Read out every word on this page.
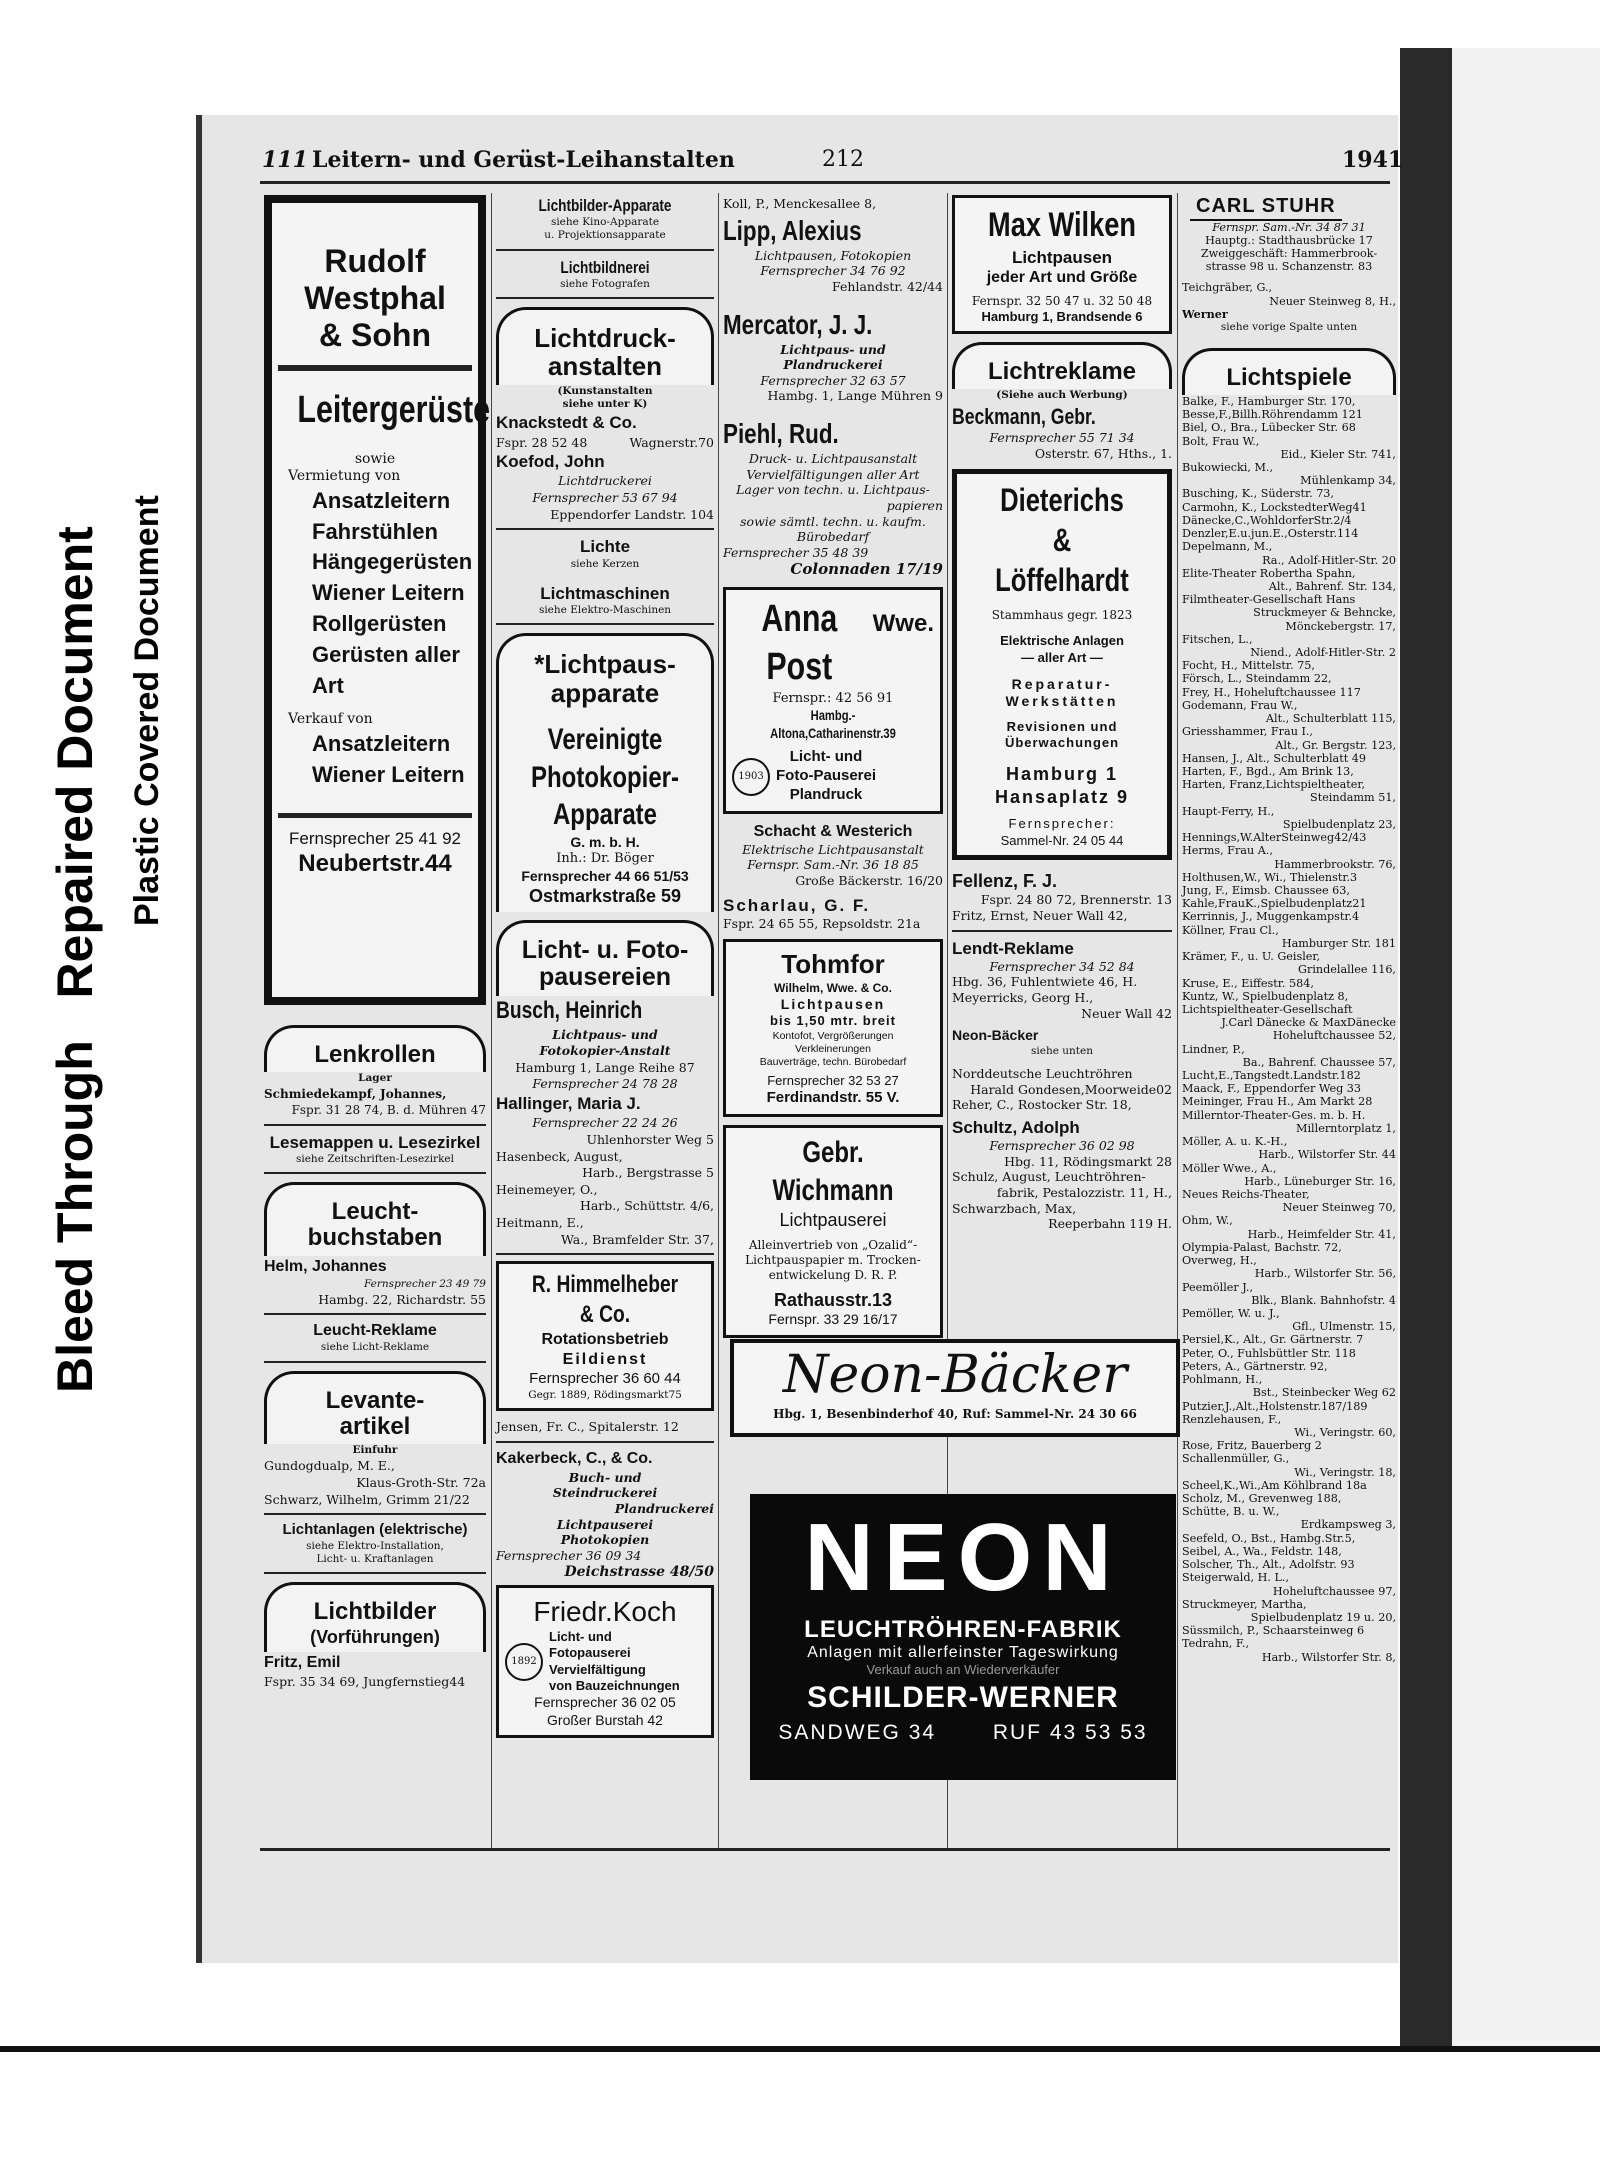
Bleed Through   Repaired Document Plastic Covered Document
111 Leitern- und Gerüst-Leihanstalten	212	1941
Rudolf
Westphal
& Sohn
Leitergerüste
sowie
Vermietung von
Ansatzleitern
Fahrstühlen
Hängegerüsten
Wiener Leitern
Rollgerüsten
Gerüsten aller Art
Verkauf von
Ansatzleitern
Wiener Leitern
Fernsprecher 25 41 92
Neubertstr.44
Lenkrollen
Lager
Schmiedekampf, Johannes,
Fspr. 31 28 74, B. d. Mühren 47
Lesemappen u. Lesezirkel
siehe Zeitschriften-Lesezirkel
Leucht-
buchstaben
Helm, Johannes
Fernsprecher 23 49 79
Hambg. 22, Richardstr. 55
Leucht-Reklame
siehe Licht-Reklame
Levante-
artikel
Einfuhr
Gundogdualp, M. E.,
Klaus-Groth-Str. 72a
Schwarz, Wilhelm, Grimm 21/22
Lichtanlagen (elektrische)
siehe Elektro-Installation,
Licht- u. Kraftanlagen
Lichtbilder
(Vorführungen)
Fritz, Emil
Fspr. 35 34 69, Jungfernstieg44
Lichtbilder-Apparate
siehe Kino-Apparate
u. Projektionsapparate
Lichtbildnerei
siehe Fotografen
Lichtdruck-
anstalten
(Kunstanstalten
siehe unter K)
Knackstedt & Co.
Fspr. 28 52 48	Wagnerstr.70
Koefod, John
Lichtdruckerei
Fernsprecher 53 67 94
Eppendorfer Landstr. 104
Lichte
siehe Kerzen
Lichtmaschinen
siehe Elektro-Maschinen
*Lichtpaus-
apparate
Vereinigte
Photokopier-Apparate
G. m. b. H.
Inh.: Dr. Böger
Fernsprecher 44 66 51/53
Ostmarkstraße 59
Licht- u. Foto-
pausereien
Busch, Heinrich
Lichtpaus- und
Fotokopier-Anstalt
Hamburg 1, Lange Reihe 87
Fernsprecher 24 78 28
Hallinger, Maria J.
Fernsprecher 22 24 26
Uhlenhorster Weg 5
Hasenbeck, August,
Harb., Bergstrasse 5
Heinemeyer, O.,
Harb., Schüttstr. 4/6,
Heitmann, E.,
Wa., Bramfelder Str. 37,
R. Himmelheber & Co.
Rotationsbetrieb
Eildienst
Fernsprecher 36 60 44
Gegr. 1889, Rödingsmarkt75
Jensen, Fr. C., Spitalerstr. 12
Kakerbeck, C., & Co.
Buch- und
Steindruckerei
Plandruckerei
Lichtpauserei
Photokopien
Fernsprecher 36 09 34
Deichstrasse 48/50
Friedr.Koch
1892
Licht- und
Fotopauserei
Vervielfältigung
von Bauzeichnungen
Fernsprecher 36 02 05
Großer Burstah 42
Koll, P., Menckesallee 8,
Lipp, Alexius
Lichtpausen, Fotokopien
Fernsprecher 34 76 92
Fehlandstr. 42/44
Mercator, J. J.
Lichtpaus- und
Plandruckerei
Fernsprecher 32 63 57
Hambg. 1, Lange Mühren 9
Piehl, Rud.
Druck- u. Lichtpausanstalt
Vervielfältigungen aller Art
Lager von techn. u. Lichtpaus-
papieren
sowie sämtl. techn. u. kaufm.
Bürobedarf
Fernsprecher 35 48 39
Colonnaden 17/19
Anna Post
Wwe.
Fernspr.: 42 56 91
Hambg.-Altona,Catharinenstr.39
1903
Licht- und
Foto-Pauserei
Plandruck
Schacht & Westerich
Elektrische Lichtpausanstalt
Fernspr. Sam.-Nr. 36 18 85
Große Bäckerstr. 16/20
Scharlau, G. F.
Fspr. 24 65 55, Repsoldstr. 21a
Tohmfor
Wilhelm, Wwe. & Co.
Lichtpausen
bis 1,50 mtr. breit
Kontofot, Vergrößerungen
Verkleinerungen
Bauverträge, techn. Bürobedarf
Fernsprecher 32 53 27
Ferdinandstr. 55 V.
Gebr. Wichmann
Lichtpauserei
Alleinvertrieb von „Ozalid“-
Lichtpauspapier m. Trocken-
entwickelung D. R. P.
Rathausstr.13
Fernspr. 33 29 16/17
Max Wilken
Lichtpausen
jeder Art und Größe
Fernspr. 32 50 47 u. 32 50 48
Hamburg 1, Brandsende 6
Lichtreklame
(Siehe auch Werbung)
Beckmann, Gebr.
Fernsprecher 55 71 34
Osterstr. 67, Hths., 1.
Dieterichs
& Löffelhardt
Stammhaus gegr. 1823
Elektrische Anlagen
— aller Art —
Reparatur-
Werkstätten
Revisionen und
Überwachungen
Hamburg 1
Hansaplatz 9
Fernsprecher:
Sammel-Nr. 24 05 44
Fellenz, F. J.
Fspr. 24 80 72, Brennerstr. 13
Fritz, Ernst, Neuer Wall 42,
Lendt-Reklame
Fernsprecher 34 52 84
Hbg. 36, Fuhlentwiete 46, H.
Meyerricks, Georg H.,
Neuer Wall 42
Neon-Bäcker
siehe unten
Norddeutsche Leuchtröhren
Harald Gondesen,Moorweide02
Reher, C., Rostocker Str. 18,
Schultz, Adolph
Fernsprecher 36 02 98
Hbg. 11, Rödingsmarkt 28
Schulz, August, Leuchtröhren-
fabrik, Pestalozzistr. 11, H.,
Schwarzbach, Max,
Reeperbahn 119 H.
CARL STUHR
Fernspr. Sam.-Nr. 34 87 31
Hauptg.: Stadthausbrücke 17
Zweiggeschäft: Hammerbrook-
strasse 98 u. Schanzenstr. 83
Teichgräber, G.,
Neuer Steinweg 8, H.,
Werner
siehe vorige Spalte unten
Lichtspiele
Balke, F., Hamburger Str. 170,
Besse,F.,Billh.Röhrendamm 121
Biel, O., Bra., Lübecker Str. 68
Bolt, Frau W.,
Eid., Kieler Str. 741,
Bukowiecki, M.,
Mühlenkamp 34,
Busching, K., Süderstr. 73,
Carmohn, K., LockstedterWeg41
Dänecke,C.,WohldorferStr.2/4
Denzler,E.u.jun.E.,Osterstr.114
Depelmann, M.,
Ra., Adolf-Hitler-Str. 20
Elite-Theater Robertha Spahn,
Alt., Bahrenf. Str. 134,
Filmtheater-Gesellschaft Hans
Struckmeyer & Behncke,
Mönckebergstr. 17,
Fitschen, L.,
Niend., Adolf-Hitler-Str. 2
Focht, H., Mittelstr. 75,
Försch, L., Steindamm 22,
Frey, H., Hoheluftchaussee 117
Godemann, Frau W.,
Alt., Schulterblatt 115,
Griesshammer, Frau I.,
Alt., Gr. Bergstr. 123,
Hansen, J., Alt., Schulterblatt 49
Harten, F., Bgd., Am Brink 13,
Harten, Franz,Lichtspieltheater,
Steindamm 51,
Haupt-Ferry, H.,
Spielbudenplatz 23,
Hennings,W.AlterSteinweg42/43
Herms, Frau A.,
Hammerbrookstr. 76,
Holthusen,W., Wi., Thielenstr.3
Jung, F., Eimsb. Chaussee 63,
Kahle,FrauK.,Spielbudenplatz21
Kerrinnis, J., Muggenkampstr.4
Köllner, Frau Cl.,
Hamburger Str. 181
Krämer, F., u. U. Geisler,
Grindelallee 116,
Kruse, E., Eiffestr. 584,
Kuntz, W., Spielbudenplatz 8,
Lichtspieltheater-Gesellschaft
J.Carl Dänecke & MaxDänecke
Hoheluftchaussee 52,
Lindner, P.,
Ba., Bahrenf. Chaussee 57,
Lucht,E.,Tangstedt.Landstr.182
Maack, F., Eppendorfer Weg 33
Meininger, Frau H., Am Markt 28
Millerntor-Theater-Ges. m. b. H.
Millerntorplatz 1,
Möller, A. u. K.-H.,
Harb., Wilstorfer Str. 44
Möller Wwe., A.,
Harb., Lüneburger Str. 16,
Neues Reichs-Theater,
Neuer Steinweg 70,
Ohm, W.,
Harb., Heimfelder Str. 41,
Olympia-Palast, Bachstr. 72,
Overweg, H.,
Harb., Wilstorfer Str. 56,
Peemöller J.,
Blk., Blank. Bahnhofstr. 4
Pemöller, W. u. J.,
Gfl., Ulmenstr. 15,
Persiel,K., Alt., Gr. Gärtnerstr. 7
Peter, O., Fuhlsbüttler Str. 118
Peters, A., Gärtnerstr. 92,
Pohlmann, H.,
Bst., Steinbecker Weg 62
Putzier,J.,Alt.,Holstenstr.187/189
Renzlehausen, F.,
Wi., Veringstr. 60,
Rose, Fritz, Bauerberg 2
Schallenmüller, G.,
Wi., Veringstr. 18,
Scheel,K.,Wi.,Am Köhlbrand 18a
Scholz, M., Grevenweg 188,
Schütte, B. u. W.,
Erdkampsweg 3,
Seefeld, O., Bst., Hambg.Str.5,
Seibel, A., Wa., Feldstr. 148,
Solscher, Th., Alt., Adolfstr. 93
Steigerwald, H. L.,
Hoheluftchaussee 97,
Struckmeyer, Martha,
Spielbudenplatz 19 u. 20,
Süssmilch, P., Schaarsteinweg 6
Tedrahn, F.,
Harb., Wilstorfer Str. 8,
Neon-Bäcker
Hbg. 1, Besenbinderhof 40, Ruf: Sammel-Nr. 24 30 66
NEON
LEUCHTRÖHREN-FABRIK
Anlagen mit allerfeinster Tageswirkung
Verkauf auch an Wiederverkäufer
SCHILDER-WERNER
SANDWEG 34	RUF 43 53 53
